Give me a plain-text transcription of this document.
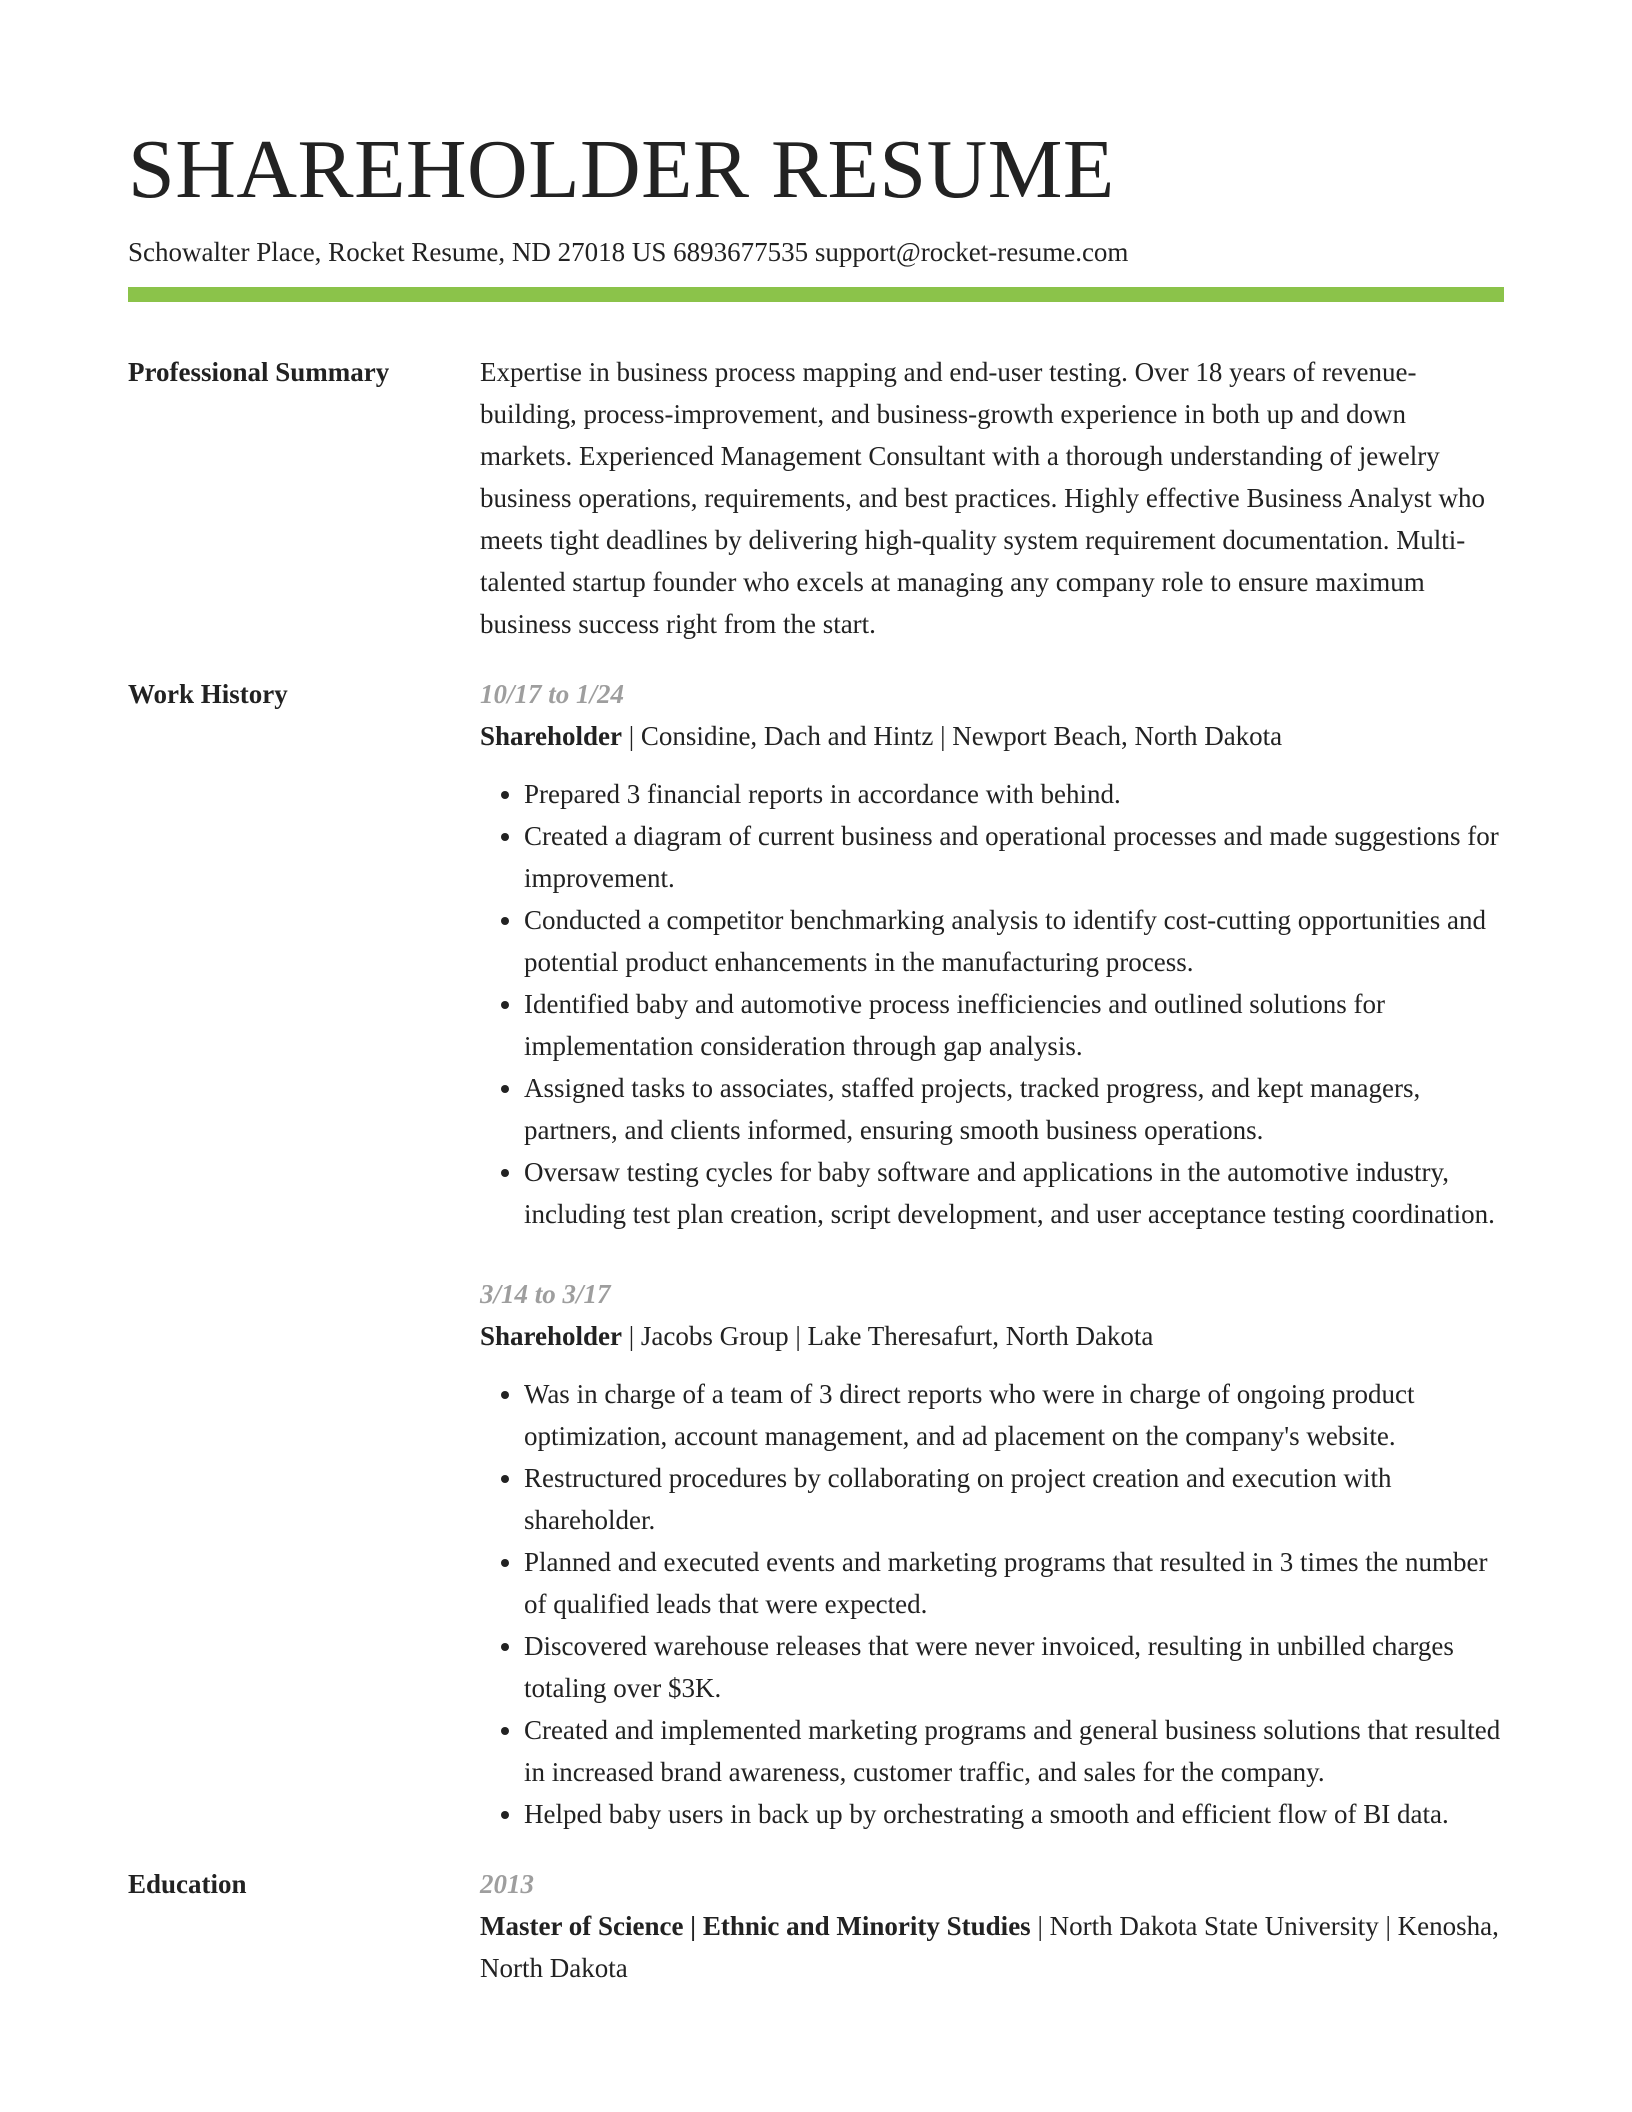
SHAREHOLDER RESUME
Schowalter Place, Rocket Resume, ND 27018 US 6893677535 support@rocket-resume.com
Professional Summary	Expertise in business process mapping and end-user testing. Over 18 years of revenue-building, process-improvement, and business-growth experience in both up and down markets. Experienced Management Consultant with a thorough understanding of jewelry business operations, requirements, and best practices. Highly effective Business Analyst who meets tight deadlines by delivering high-quality system requirement documentation. Multi-talented startup founder who excels at managing any company role to ensure maximum business success right from the start.
Work History	10/17 to 1/24
Shareholder | Considine, Dach and Hintz | Newport Beach, North Dakota
• Prepared 3 financial reports in accordance with behind.
• Created a diagram of current business and operational processes and made suggestions for improvement.
• Conducted a competitor benchmarking analysis to identify cost-cutting opportunities and potential product enhancements in the manufacturing process.
• Identified baby and automotive process inefficiencies and outlined solutions for implementation consideration through gap analysis.
• Assigned tasks to associates, staffed projects, tracked progress, and kept managers, partners, and clients informed, ensuring smooth business operations.
• Oversaw testing cycles for baby software and applications in the automotive industry, including test plan creation, script development, and user acceptance testing coordination.
3/14 to 3/17
Shareholder | Jacobs Group | Lake Theresafurt, North Dakota
• Was in charge of a team of 3 direct reports who were in charge of ongoing product optimization, account management, and ad placement on the company's website.
• Restructured procedures by collaborating on project creation and execution with shareholder.
• Planned and executed events and marketing programs that resulted in 3 times the number of qualified leads that were expected.
• Discovered warehouse releases that were never invoiced, resulting in unbilled charges totaling over $3K.
• Created and implemented marketing programs and general business solutions that resulted in increased brand awareness, customer traffic, and sales for the company.
• Helped baby users in back up by orchestrating a smooth and efficient flow of BI data.
Education	2013
Master of Science | Ethnic and Minority Studies | North Dakota State University | Kenosha, North Dakota
